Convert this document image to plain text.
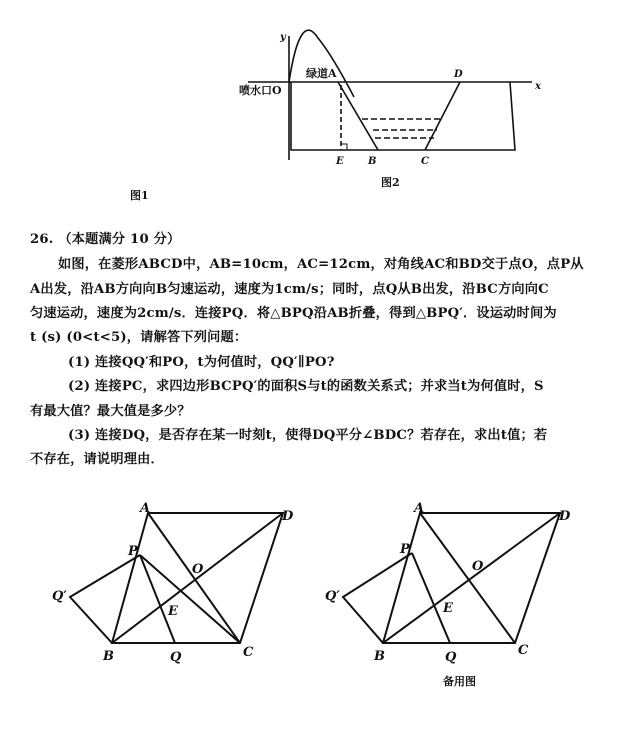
y
x
绿道A
喷水口O
D
E B	C
图2
图1
A
D
C
B
P
Q′
Q
O
E
A
D
C
B
P
Q′
Q
O
E
备用图
26. （本题满分 10 分）
如图，在菱形ABCD中，AB=10cm，AC=12cm，对角线AC和BD交于点O，点P从
A出发，沿AB方向向B匀速运动，速度为1cm/s；同时，点Q从B出发，沿BC方向向C
匀速运动，速度为2cm/s．连接PQ．将△BPQ沿AB折叠，得到△BPQ′．设运动时间为
t (s) (0<t<5)，请解答下列问题：
(1) 连接QQ′和PO，t为何值时，QQ′∥PO?
(2) 连接PC，求四边形BCPQ′的面积S与t的函数关系式；并求当t为何值时，S
有最大值？最大值是多少？
(3) 连接DQ，是否存在某一时刻t，使得DQ平分∠BDC？若存在，求出t值；若
不存在，请说明理由．
